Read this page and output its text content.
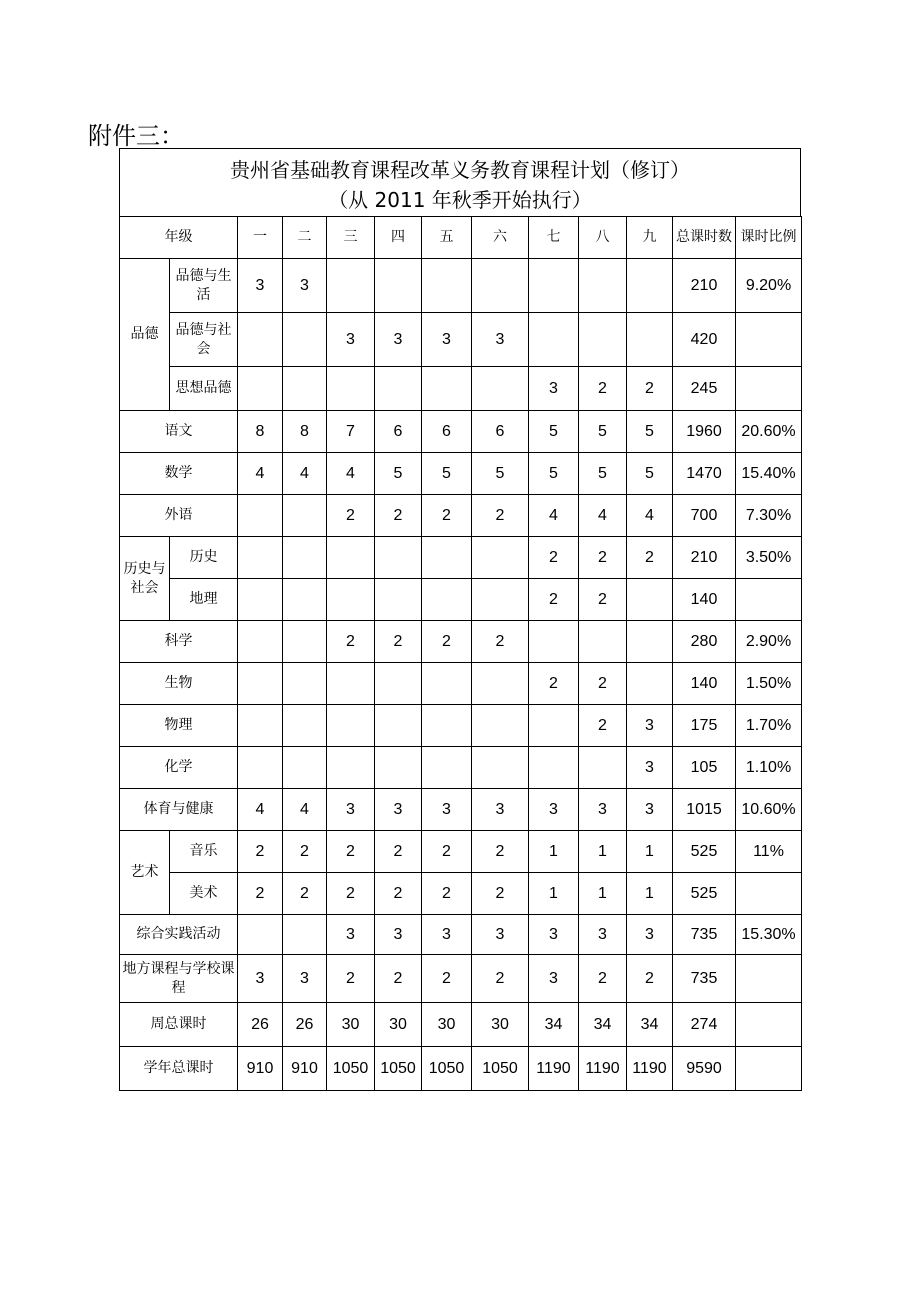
附件三：
贵州省基础教育课程改革义务教育课程计划（修订）
（从 2011 年秋季开始执行）
年级		一	二	三	四	五	六	七	八	九	总课时数	课时比例
品德	品德与生活	3	3								210	9.20%
	品德与社会			3	3	3	3				420	
	思想品德							3	2	2	245	
语文		8	8	7	6	6	6	5	5	5	1960	20.60%
数学		4	4	4	5	5	5	5	5	5	1470	15.40%
外语				2	2	2	2	4	4	4	700	7.30%
历史与社会	历史							2	2	2	210	3.50%
	地理							2	2		140	
科学				2	2	2	2				280	2.90%
生物								2	2		140	1.50%
物理									2	3	175	1.70%
化学										3	105	1.10%
体育与健康		4	4	3	3	3	3	3	3	3	1015	10.60%
艺术	音乐	2	2	2	2	2	2	1	1	1	525	11%
	美术	2	2	2	2	2	2	1	1	1	525	
综合实践活动				3	3	3	3	3	3	3	735	15.30%
地方课程与学校课程		3	3	2	2	2	2	3	2	2	735	
周总课时		26	26	30	30	30	30	34	34	34	274	
学年总课时		910	910	1050	1050	1050	1050	1190	1190	1190	9590	
